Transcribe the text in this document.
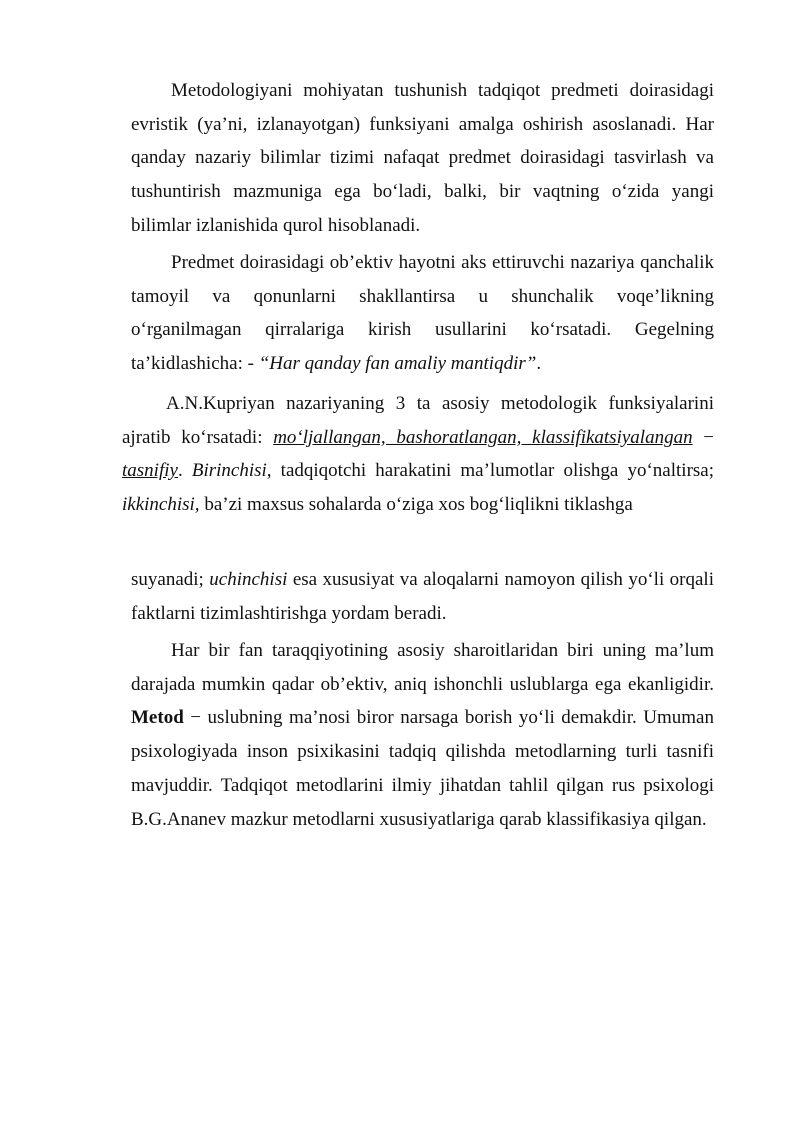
Metodologiyani mohiyatan tushunish tadqiqot predmeti doirasidagi evristik (ya’ni, izlanayotgan) funksiyani amalga oshirish asoslanadi. Har qanday nazariy bilimlar tizimi nafaqat predmet doirasidagi tasvirlash va tushuntirish mazmuniga ega bo‘ladi, balki, bir vaqtning o‘zida yangi bilimlar izlanishida qurol hisoblanadi.

Predmet doirasidagi ob’ektiv hayotni aks ettiruvchi nazariya qanchalik tamoyil va qonunlarni shakllantirsa u shunchalik voqe’likning o‘rganilmagan qirralariga kirish usullarini ko‘rsatadi. Gegelning ta’kidlashicha: - “Har qanday fan amaliy mantiqdir”.

A.N.Kupriyan nazariyaning 3 ta asosiy metodologik funksiyalarini ajratib ko‘rsatadi: mo‘ljallangan, bashoratlangan, klassifikatsiyalangan − tasnifiy. Birinchisi, tadqiqotchi harakatini ma’lumotlar olishga yo‘naltirsa; ikkinchisi, ba’zi maxsus sohalarda o‘ziga xos bog‘liqlikni tiklashga

suyanadi; uchinchisi esa xususiyat va aloqalarni namoyon qilish yo‘li orqali faktlarni tizimlashtirishga yordam beradi.

Har bir fan taraqqiyotining asosiy sharoitlaridan biri uning ma’lum darajada mumkin qadar ob’ektiv, aniq ishonchli uslublarga ega ekanligidir. Metod − uslubning ma’nosi biror narsaga borish yo‘li demakdir. Umuman psixologiyada inson psixikasini tadqiq qilishda metodlarning turli tasnifi mavjuddir. Tadqiqot metodlarini ilmiy jihatdan tahlil qilgan rus psixologi B.G.Ananev mazkur metodlarni xususiyatlariga qarab klassifikasiya qilgan.
